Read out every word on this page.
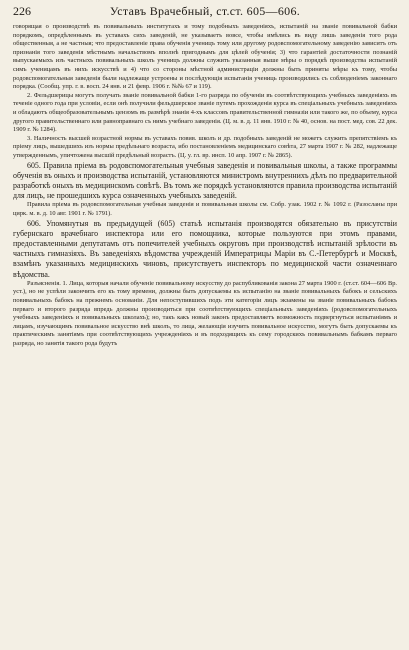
226	Уставъ Врачебный, ст.ст. 605—606.

говорящая о производствѣ въ повивальныхъ институтахъ и тому подобныхъ заведеніяхъ, испытаній на званіе повивальной бабки порядкомъ, опредѣленнымъ въ уставахъ сихъ заведеній, не указываетъ вовсе, чтобы имѣлись въ виду лишь заведенія того рода общественныя, а не частныя; что предоставленіе права обученія ученицъ тому или другому родовспомогательному заведенію зависитъ отъ признанія того заведенія мѣстнымъ начальствомъ вполнѣ пригоднымъ для цѣлей обученія; 3) что гарантіей достаточности познаній выпускаемыхъ изъ частныхъ повивальныхъ школъ ученицъ должны служить указанныя выше мѣры о порядкѣ производства испытаній симъ ученицамъ въ нихъ искусствѣ и 4) что со стороны мѣстной администраціи должны быть приняты мѣры къ тому, чтобы родовспомогательныя заведенія были надлежаще устроены и послѣдующія испытанія учениць производились съ соблюденіемъ законнаго порядка. (Сообщ. упр. г. в. восп. 24 янв. и 21 февр. 1906 г. №№ 67 и 119).

2. Фельдшерицы могутъ получать званіе повивальной бабки 1-го разряда по обученіи въ соотвѣтствующихъ учебныхъ заведеніяхъ въ теченіе одного года при условіи, если онѣ получили фельдшерское званіе путемъ прохожденія курса въ спеціальныхъ учебныхъ заведеніяхъ и обладаютъ общеобразовательнымъ цензомъ въ размѣрѣ знанія 4-хъ классовъ правительственной гимназіи или такого же, по объему, курса другого правительственнаго или равноправнаго съ нимъ учебнаго заведенія. (Ц. м. в. д. 11 янв. 1910 г. № 40, основ. на пост. мед. сов. 22 дек. 1909 г. № 1284).

3. Наличность высшей возрастной нормы въ уставахъ повив. школъ и др. подобныхъ заведеній не можетъ служить препятствіемъ къ пріему лицъ, вышедшихъ изъ нормы предѣльнаго возраста, ибо постановленіемъ медицинскаго совѣта, 27 марта 1907 г. № 282, надлежаще утвержденнымъ, упичтожена высшій предѣльный возрастъ. (Ц. у. гл. вр. инсп. 10 апр. 1907 г. № 2865).

605. Правила пріема въ родовспомогательныя учебныя заведенія и повивальныя школы, а также программы обученія въ оныхъ и производства испытаній, установляются министромъ внутреннихъ дѣлъ по предварительной разработкѣ оныхъ въ медицинскомъ совѣтѣ. Въ томъ же порядкѣ установляются правила производства испытаній для лицъ, не прошедшихъ курса означенныхъ учебныхъ заведеній.

Правила пріема въ родовспомогательныя учебныя заведенія и повивальныя школы см. Собр. узак. 1902 г. № 1092 г. (Разосланы при цирк. м. в. д. 10 авг. 1901 г. № 1791).

606. Упомянутыя въ предъидущей (605) статьѣ испытанія производятся обязательно въ присутствіи губернскаго врачебнаго инспектора или его помощника, которые пользуются при этомъ правами, предоставленными депутатамъ отъ попечителей учебныхъ округовъ при производствѣ испытаній зрѣлости въ частныхъ гимназіяхъ. Въ заведеніяхъ вѣдомства учрежденій Императрицы Маріи въ С.-Петербургѣ и Москвѣ, взамѣнъ указанныхъ медицинскихъ чиновъ, присутствуетъ инспекторъ по медицинской части означеннаго вѣдомства.

Разъясненія. 1. Лица, которыя начали обученіе повивальному искусству до распубликованія закона 27 марта 1900 г. (ст.ст. 604—606 Вр. уст.), но не успѣли закончить его къ тому времени, должны быть допускаемы къ испытанію на званіе повивальныхъ бабокъ и сельскихъ повивальныхъ бабокъ на прежнемъ основаніи. Для непоступившихъ подъ эти категоріи лицъ экзамены на званіе повивальныхъ бабокъ перваго и второго разряда впредь должны производиться при соотвѣтствующихъ спеціальныхъ заведеніяхъ (родовспомогательныхъ учебныхъ заведеніяхъ и повивальныхъ школахъ); но, такъ какъ новый законъ предоставляетъ возможность подвергнуться испытаніямъ и лицамъ, изучающимъ повивальное искусство внѣ школъ, то лица, желающія изучить повивальное искусство, могутъ быть допускаемы къ практическимъ занятіямъ при соотвѣтствующихъ учрежденіяхъ и въ подходящихъ къ сему городскихъ повивальнымъ бабкамъ перваго разряда, но занятія такого рода будутъ
